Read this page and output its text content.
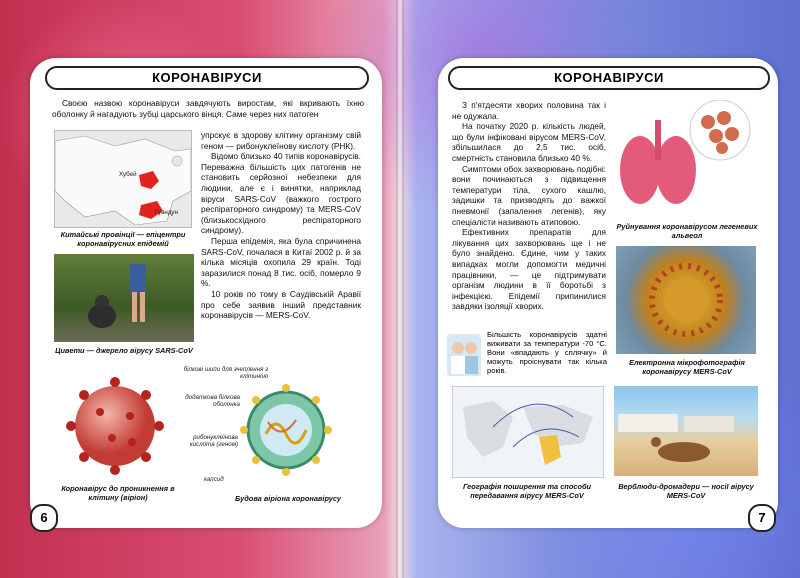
КОРОНАВІРУСИ

Своєю назвою коронавіруси завдячують виростам, які вкривають їхню оболонку й нагадують зубці царського вінця. Саме через них патоген

Хубей
Гуандун
Китайські провінції — епіцентри коронавірусних епідемій
Цивети — джерело вірусу SARS-CoV

упрскує в здорову клітину організму свій геном — рибонуклеїнову кислоту (РНК).

Відомо близько 40 типів коронавірусів. Переважна більшість цих патогенів не становить серйозної небезпеки для людини, але є і винятки, наприклад віруси SARS-CoV (важкого гострого респіраторного синдрому) та MERS-CoV (близькосхідного респіраторного синдрому).

Перша епідемія, яка була спричинена SARS-CoV, почалася в Китаї 2002 р. й за кілька місяців охопила 29 країн. Тоді заразилися понад 8 тис. осіб, померло 9 %.

10 років по тому в Саудівській Аравії про себе заявив інший представник коронавірусів — MERS-CoV.

Коронавірус до проникнення в клітину (віріон)
білкові шипи для зчеплення з клітиною
додаткова білкова оболонка
рибонуклеїнова кислота (геном)
капсид
Будова віріона коронавірусу
6
КОРОНАВІРУСИ

З п'ятдесяти хворих половина так і не одужала.

На початку 2020 р. кількість людей, що були інфіковані вірусом MERS-CoV, збільшилася до 2,5 тис. осіб, смертність становила близько 40 %.

Симптоми обох захворювань подібні: вони починаються з підвищення температури тіла, сухого кашлю, задишки та призводять до важкої пневмонії (запалення легенів), яку спеціалісти називають атиповою.

Ефективних препаратів для лікування цих захворювань ще і не було знайдено. Єдине, чим у таких випадках могли допомогти медичні працівники, — це підтримувати організм людини в її боротьбі з інфекцією. Епідемії припинилися завдяки ізоляції хворих.

Руйнування коронавірусом легеневих альвеол
Електронна мікрофотографія коронавірусу MERS-CoV
Більшість коронавірусів здатні виживати за температури -70 °C. Вони «впадають у сплячку» й можуть проіснувати так кілька років.
Географія поширення та способи передавання вірусу MERS-CoV
Верблюди-дромадери — носії вірусу MERS-CoV
7
